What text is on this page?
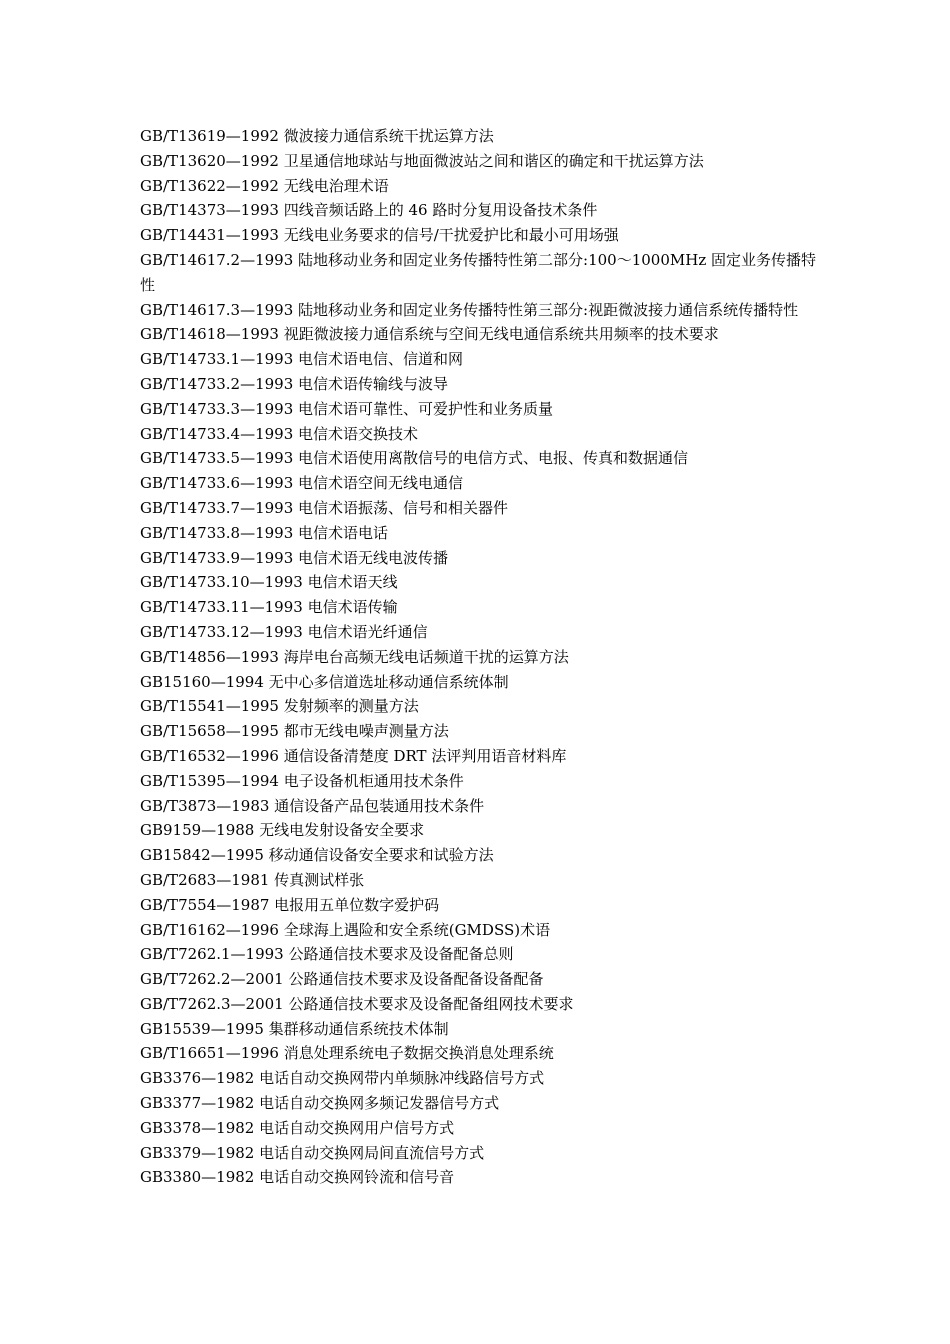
GB/T13619—1992 微波接力通信系统干扰运算方法

GB/T13620—1992 卫星通信地球站与地面微波站之间和谐区的确定和干扰运算方法

GB/T13622—1992 无线电治理术语

GB/T14373—1993 四线音频话路上的 46 路时分复用设备技术条件

GB/T14431—1993 无线电业务要求的信号/干扰爱护比和最小可用场强

GB/T14617.2—1993 陆地移动业务和固定业务传播特性第二部分:100～1000MHz 固定业务传播特性

GB/T14617.3—1993 陆地移动业务和固定业务传播特性第三部分:视距微波接力通信系统传播特性

GB/T14618—1993 视距微波接力通信系统与空间无线电通信系统共用频率的技术要求

GB/T14733.1—1993 电信术语电信、信道和网

GB/T14733.2—1993 电信术语传输线与波导

GB/T14733.3—1993 电信术语可靠性、可爱护性和业务质量

GB/T14733.4—1993 电信术语交换技术

GB/T14733.5—1993 电信术语使用离散信号的电信方式、电报、传真和数据通信

GB/T14733.6—1993 电信术语空间无线电通信

GB/T14733.7—1993 电信术语振荡、信号和相关器件

GB/T14733.8—1993 电信术语电话

GB/T14733.9—1993 电信术语无线电波传播

GB/T14733.10—1993 电信术语天线

GB/T14733.11—1993 电信术语传输

GB/T14733.12—1993 电信术语光纤通信

GB/T14856—1993 海岸电台高频无线电话频道干扰的运算方法

GB15160—1994 无中心多信道选址移动通信系统体制

GB/T15541—1995 发射频率的测量方法

GB/T15658—1995 都市无线电噪声测量方法

GB/T16532—1996 通信设备清楚度 DRT 法评判用语音材料库

GB/T15395—1994 电子设备机柜通用技术条件

GB/T3873—1983 通信设备产品包装通用技术条件

GB9159—1988 无线电发射设备安全要求

GB15842—1995 移动通信设备安全要求和试验方法

GB/T2683—1981 传真测试样张

GB/T7554—1987 电报用五单位数字爱护码

GB/T16162—1996 全球海上遇险和安全系统(GMDSS)术语

GB/T7262.1—1993 公路通信技术要求及设备配备总则

GB/T7262.2—2001 公路通信技术要求及设备配备设备配备

GB/T7262.3—2001 公路通信技术要求及设备配备组网技术要求

GB15539—1995 集群移动通信系统技术体制

GB/T16651—1996 消息处理系统电子数据交换消息处理系统

GB3376—1982 电话自动交换网带内单频脉冲线路信号方式

GB3377—1982 电话自动交换网多频记发器信号方式

GB3378—1982 电话自动交换网用户信号方式

GB3379—1982 电话自动交换网局间直流信号方式

GB3380—1982 电话自动交换网铃流和信号音
